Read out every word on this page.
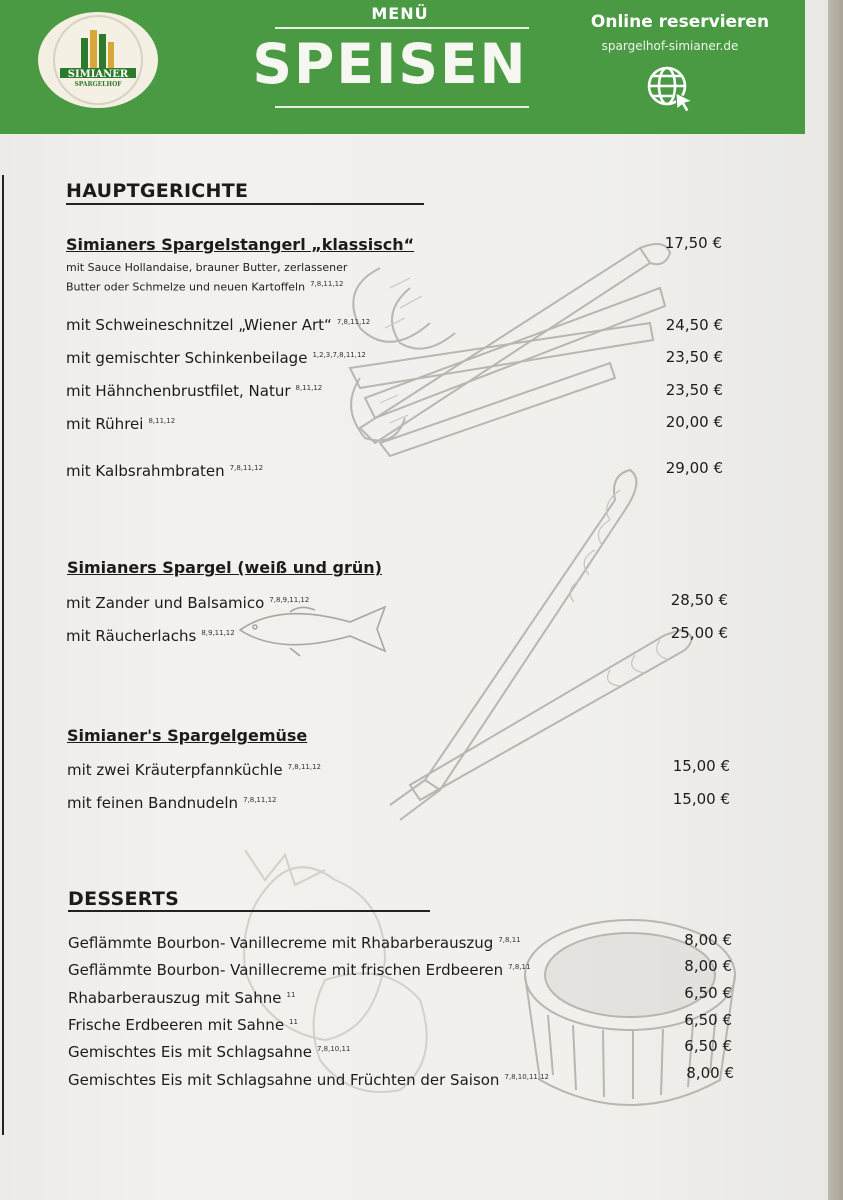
SIMIANER
SPARGELHOF
MENÜ
SPEISEN
Online reservieren
spargelhof-simianer.de
HAUPTGERICHTE
Simianers Spargelstangerl „klassisch“	17,50 €
mit Sauce Hollandaise, brauner Butter, zerlassener
Butter oder Schmelze und neuen Kartoffeln $^{7,8,11,12}$
mit Schweineschnitzel „Wiener Art“ $^{7,8,11,12}$	24,50 €
mit gemischter Schinkenbeilage $^{1,2,3,7,8,11,12}$	23,50 €
mit Hähnchenbrustfilet, Natur $^{8,11,12}$	23,50 €
mit Rührei $^{8,11,12}$	20,00 €
mit Kalbsrahmbraten $^{7,8,11,12}$	29,00 €
Simianers Spargel (weiß und grün)
mit Zander und Balsamico $^{7,8,9,11,12}$	28,50 €
mit Räucherlachs $^{8,9,11,12}$	25,00 €
Simianer's Spargelgemüse
mit zwei Kräuterpfannküchle $^{7,8,11,12}$	15,00 €
mit feinen Bandnudeln $^{7,8,11,12}$	15,00 €
DESSERTS
Geflämmte Bourbon- Vanillecreme mit Rhabarberauszug $^{7,8,11}$	8,00 €
Geflämmte Bourbon- Vanillecreme mit frischen Erdbeeren $^{7,8,11}$	8,00 €
Rhabarberauszug mit Sahne $^{11}$	6,50 €
Frische Erdbeeren mit Sahne $^{11}$	6,50 €
Gemischtes Eis mit Schlagsahne $^{7,8,10,11}$	6,50 €
Gemischtes Eis mit Schlagsahne und Früchten der Saison $^{7,8,10,11,12}$	8,00 €
